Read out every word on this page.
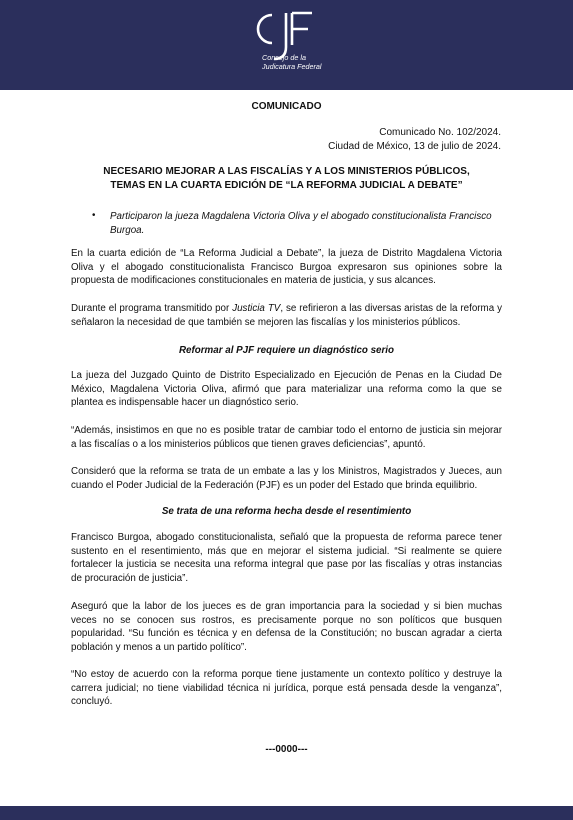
Consejo de la
Judicatura Federal
COMUNICADO
Comunicado No. 102/2024.
Ciudad de México, 13 de julio de 2024.
NECESARIO MEJORAR A LAS FISCALÍAS Y A LOS MINISTERIOS PÚBLICOS,
TEMAS EN LA CUARTA EDICIÓN DE “LA REFORMA JUDICIAL A DEBATE”
• Participaron la jueza Magdalena Victoria Oliva y el abogado constitucionalista Francisco Burgoa.
En la cuarta edición de “La Reforma Judicial a Debate”, la jueza de Distrito Magdalena Victoria Oliva y el abogado constitucionalista Francisco Burgoa expresaron sus opiniones sobre la propuesta de modificaciones constitucionales en materia de justicia, y sus alcances.
Durante el programa transmitido por Justicia TV, se refirieron a las diversas aristas de la reforma y señalaron la necesidad de que también se mejoren las fiscalías y los ministerios públicos.
Reformar al PJF requiere un diagnóstico serio
La jueza del Juzgado Quinto de Distrito Especializado en Ejecución de Penas en la Ciudad De México, Magdalena Victoria Oliva, afirmó que para materializar una reforma como la que se plantea es indispensable hacer un diagnóstico serio.
“Además, insistimos en que no es posible tratar de cambiar todo el entorno de justicia sin mejorar a las fiscalías o a los ministerios públicos que tienen graves deficiencias”, apuntó.
Consideró que la reforma se trata de un embate a las y los Ministros, Magistrados y Jueces, aun cuando el Poder Judicial de la Federación (PJF) es un poder del Estado que brinda equilibrio.
Se trata de una reforma hecha desde el resentimiento
Francisco Burgoa, abogado constitucionalista, señaló que la propuesta de reforma parece tener sustento en el resentimiento, más que en mejorar el sistema judicial. “Si realmente se quiere fortalecer la justicia se necesita una reforma integral que pase por las fiscalías y otras instancias de procuración de justicia”.
Aseguró que la labor de los jueces es de gran importancia para la sociedad y si bien muchas veces no se conocen sus rostros, es precisamente porque no son políticos que busquen popularidad. “Su función es técnica y en defensa de la Constitución; no buscan agradar a cierta población y menos a un partido político”.
“No estoy de acuerdo con la reforma porque tiene justamente un contexto político y destruye la carrera judicial; no tiene viabilidad técnica ni jurídica, porque está pensada desde la venganza”, concluyó.
---0000---
